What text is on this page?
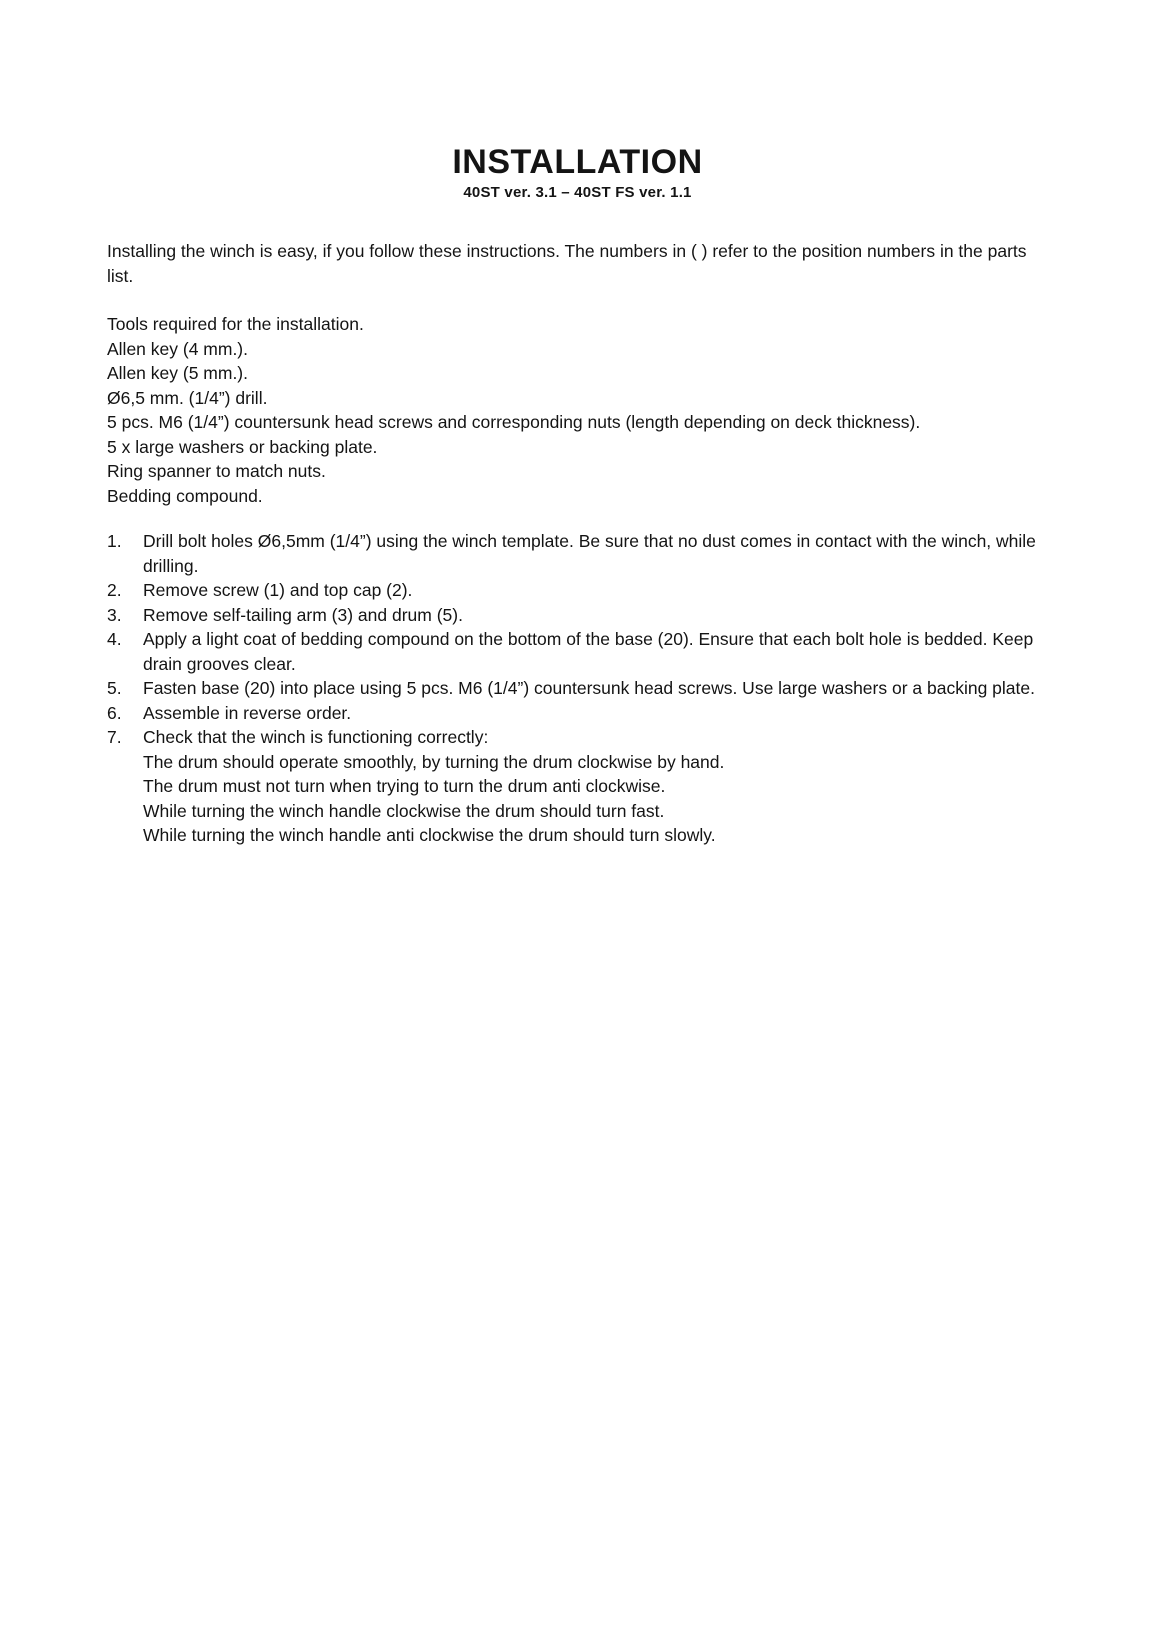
INSTALLATION
40ST ver. 3.1 – 40ST FS ver. 1.1
Installing the winch is easy, if you follow these instructions. The numbers in ( ) refer to the position numbers in the parts list.
Tools required for the installation.
Allen key (4 mm.).
Allen key (5 mm.).
Ø6,5 mm. (1/4”) drill.
5 pcs. M6 (1/4”) countersunk head screws and corresponding nuts (length depending on deck thickness).
5 x large washers or backing plate.
Ring spanner to match nuts.
Bedding compound.
1.	Drill bolt holes Ø6,5mm (1/4”) using the winch template. Be sure that no dust comes in contact with the winch, while drilling.
2.	Remove screw (1) and top cap (2).
3.	Remove self-tailing arm (3) and drum (5).
4.	Apply a light coat of bedding compound on the bottom of the base (20). Ensure that each bolt hole is bedded. Keep drain grooves clear.
5.	Fasten base (20) into place using 5 pcs. M6 (1/4”) countersunk head screws. Use large washers or a backing plate.
6.	Assemble in reverse order.
7.	Check that the winch is functioning correctly:
The drum should operate smoothly, by turning the drum clockwise by hand.
The drum must not turn when trying to turn the drum anti clockwise.
While turning the winch handle clockwise the drum should turn fast.
While turning the winch handle anti clockwise the drum should turn slowly.
